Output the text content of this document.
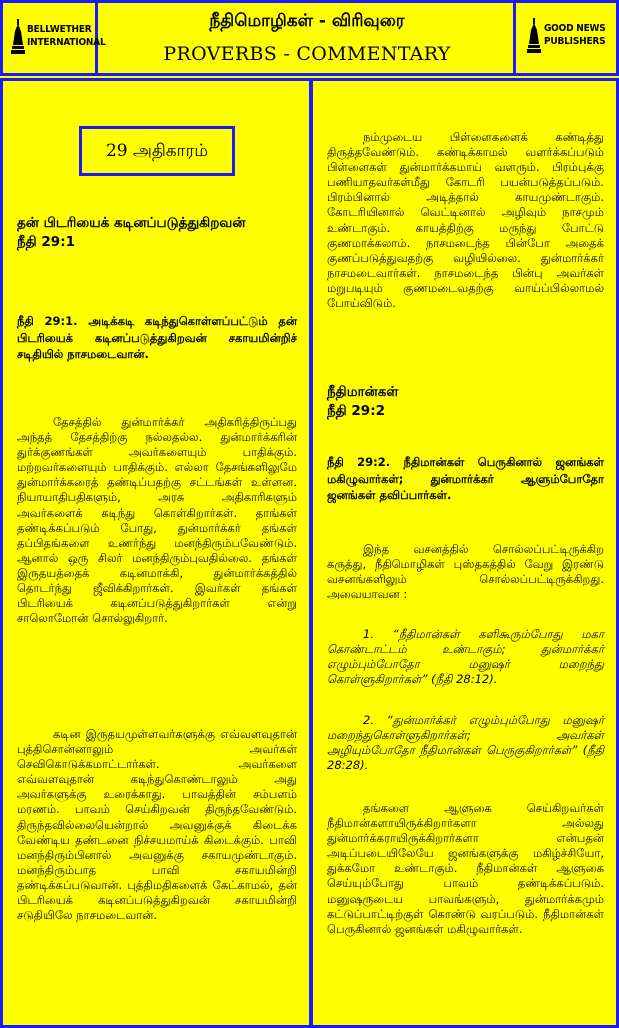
BELLWETHER
INTERNATIONAL
நீதிமொழிகள் - விரிவுரை
PROVERBS - COMMENTARY
GOOD NEWS
PUBLISHERS
29 அதிகாரம்
தன் பிடரியைக் கடினப்படுத்துகிறவன்
நீதி 29:1
நீதி 29:1. அடிக்கடி கடிந்துகொள்ளப்பட்டும் தன் பிடரியைக் கடினப்படுத்துகிறவன் சகாயமின்றிச் சடிதியில் நாசமடைவான்.
தேசத்தில் துன்மார்க்கர் அதிகரித்திருப்பது அந்தத் தேசத்திற்கு நல்லதல்ல. துன்மார்க்கரின் துர்க்குணங்கள் அவர்களையும் பாதிக்கும். மற்றவர்களையும் பாதிக்கும். எல்லா தேசங்களிலுமே துன்மார்க்கரைத் தண்டிப்பதற்கு சட்டங்கள் உள்ளன. நியாயாதிபதிகளும், அரசு அதிகாரிகளும் அவர்களைக் கடிந்து கொள்கிறார்கள். தாங்கள் தண்டிக்கப்படும் போது, துன்மார்க்கர் தங்கள் தப்பிதங்களை உணர்ந்து மனந்திரும்பவேண்டும். ஆனால் ஒரு சிலர் மனந்திரும்புவதில்லை. தங்கள் இருதயத்தைக் கடினமாக்கி, துன்மார்க்கத்தில் தொடர்ந்து ஜீவிக்கிறார்கள். இவர்கள் தங்கள் பிடரியைக் கடினப்படுத்துகிறார்கள் என்று சாலொமோன் சொல்லுகிறார்.
கடின இருதயமுள்ளவர்களுக்கு எவ்வளவுதான் புத்திசொன்னாலும் அவர்கள் செவிகொடுக்கமாட்டார்கள். அவர்களை எவ்வளவுதான் கடிந்துகொண்டாலும் அது அவர்களுக்கு உரைக்காது. பாவத்தின் சம்பளம் மரணம். பாவம் செய்கிறவன் திருந்தவேண்டும். திருந்தவில்லையென்றால் அவனுக்குக் கிடைக்க வேண்டிய தண்டனை நிச்சயமாய்க் கிடைக்கும். பாவி மனந்திரும்பினால் அவனுக்கு சகாயமுண்டாகும். மனந்திரும்பாத பாவி சகாயமின்றி தண்டிக்கப்படுவான். புத்திமதிகளைக் கேட்காமல், தன் பிடரியைக் கடினப்படுத்துகிறவன் சகாயமின்றி சடுதியிலே நாசமடைவான்.
நம்முடைய பிள்ளைகளைக் கண்டித்து திருத்தவேண்டும். கண்டிக்காமல் வளர்க்கப்படும் பிள்ளைகள் துன்மார்க்கமாய் வளரும். பிரம்புக்கு பணியாதவர்கள்மீது கோடரி பயன்படுத்தப்படும். பிரம்பினால் அடித்தால் காயமுண்டாகும். கோடரியினால் வெட்டினால் அழிவும் நாசமும் உண்டாகும். காயத்திற்கு மருந்து போட்டு குணமாக்கலாம். நாசமடைந்த பின்போ அதைக் குணப்படுத்துவதற்கு வழியில்லை. துன்மார்க்கர் நாசமடைவார்கள். நாசமடைந்த பின்பு அவர்கள் மறுபடியும் குணமடைவதற்கு வாய்ப்பில்லாமல் போய்விடும்.
நீதிமான்கள்
நீதி 29:2
நீதி 29:2. நீதிமான்கள் பெருகினால் ஜனங்கள் மகிழுவார்கள்; துன்மார்க்கர் ஆளும்போதோ ஜனங்கள் தவிப்பார்கள்.
இந்த வசனத்தில் சொல்லப்பட்டிருக்கிற கருத்து, நீதிமொழிகள் புஸ்தகத்தில் வேறு இரண்டு வசனங்களிலும் சொல்லப்பட்டிருக்கிறது. அவையாவன :
1. “நீதிமான்கள் களிகூரும்போது மகா கொண்டாட்டம் உண்டாகும்; துன்மார்க்கர் எழும்பும்போதோ மனுஷர் மறைந்து கொள்ளுகிறார்கள்” (நீதி 28:12).
2. “துன்மார்க்கர் எழும்பும்போது மனுஷர் மறைந்துகொள்ளுகிறார்கள்; அவர்கள் அழியும்போதோ நீதிமான்கள் பெருகுகிறார்கள்” (நீதி 28:28).
தங்களை ஆளுகை செய்கிறவர்கள் நீதிமான்களாயிருக்கிறார்களா அல்லது துன்மார்க்கராயிருக்கிறார்களா என்பதன் அடிப்படையிலேயே ஜனங்களுக்கு மகிழ்ச்சியோ, துக்கமோ உண்டாகும். நீதிமான்கள் ஆளுகை செய்யும்போது பாவம் தண்டிக்கப்படும். மனுஷருடைய பாவங்களும், துன்மார்க்கமும் கட்டுப்பாட்டிற்குள் கொண்டு வரப்படும். நீதிமான்கள் பெருகினால் ஜனங்கள் மகிழுவார்கள்.
